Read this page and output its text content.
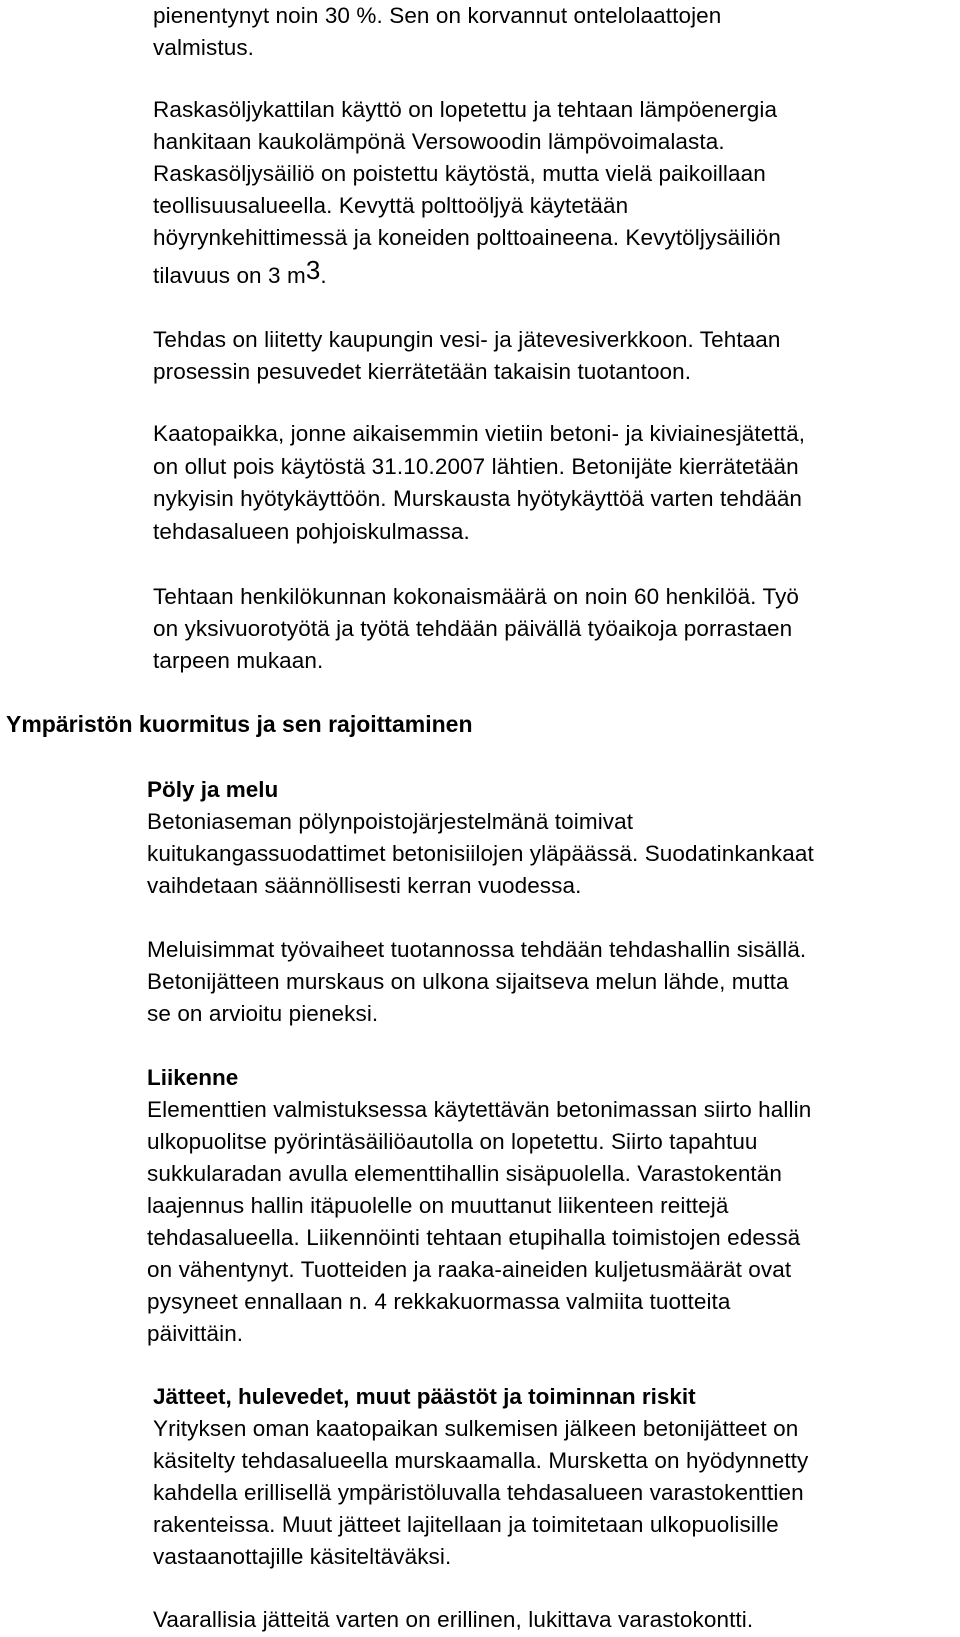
pienentynyt noin 30 %. Sen on korvannut ontelolaattojen
valmistus.
Raskasöljykattilan käyttö on lopetettu ja tehtaan lämpöenergia
hankitaan kaukolämpönä Versowoodin lämpövoimalasta.
Raskasöljysäiliö on poistettu käytöstä, mutta vielä paikoillaan
teollisuusalueella. Kevyttä polttoöljyä käytetään
höyrynkehittimessä ja koneiden polttoaineena. Kevytöljysäiliön
tilavuus on 3 $m^3$.
Tehdas on liitetty kaupungin vesi- ja jätevesiverkkoon. Tehtaan
prosessin pesuvedet kierrätetään takaisin tuotantoon.
Kaatopaikka, jonne aikaisemmin vietiin betoni- ja kiviainesjätettä,
on ollut pois käytöstä 31.10.2007 lähtien. Betonijäte kierrätetään
nykyisin hyötykäyttöön. Murskausta hyötykäyttöä varten tehdään
tehdasalueen pohjoiskulmassa.
Tehtaan henkilökunnan kokonaismäärä on noin 60 henkilöä. Työ
on yksivuorotyötä ja työtä tehdään päivällä työaikoja porrastaen
tarpeen mukaan.
Ympäristön kuormitus ja sen rajoittaminen
Pöly ja melu
Betoniaseman pölynpoistojärjestelmänä toimivat
kuitukangassuodattimet betonisiilojen yläpäässä. Suodatinkankaat
vaihdetaan säännöllisesti kerran vuodessa.
Meluisimmat työvaiheet tuotannossa tehdään tehdashallin sisällä.
Betonijätteen murskaus on ulkona sijaitseva melun lähde, mutta
se on arvioitu pieneksi.
Liikenne
Elementtien valmistuksessa käytettävän betonimassan siirto hallin
ulkopuolitse pyörintäsäiliöautolla on lopetettu. Siirto tapahtuu
sukkularadan avulla elementtihallin sisäpuolella. Varastokentän
laajennus hallin itäpuolelle on muuttanut liikenteen reittejä
tehdasalueella. Liikennöinti tehtaan etupihalla toimistojen edessä
on vähentynyt. Tuotteiden ja raaka-aineiden kuljetusmäärät ovat
pysyneet ennallaan n. 4 rekkakuormassa valmiita tuotteita
päivittäin.
Jätteet, hulevedet, muut päästöt ja toiminnan riskit
Yrityksen oman kaatopaikan sulkemisen jälkeen betonijätteet on
käsitelty tehdasalueella murskaamalla. Mursketta on hyödynnetty
kahdella erillisellä ympäristöluvalla tehdasalueen varastokenttien
rakenteissa. Muut jätteet lajitellaan ja toimitetaan ulkopuolisille
vastaanottajille käsiteltäväksi.
Vaarallisia jätteitä varten on erillinen, lukittava varastokontti.
